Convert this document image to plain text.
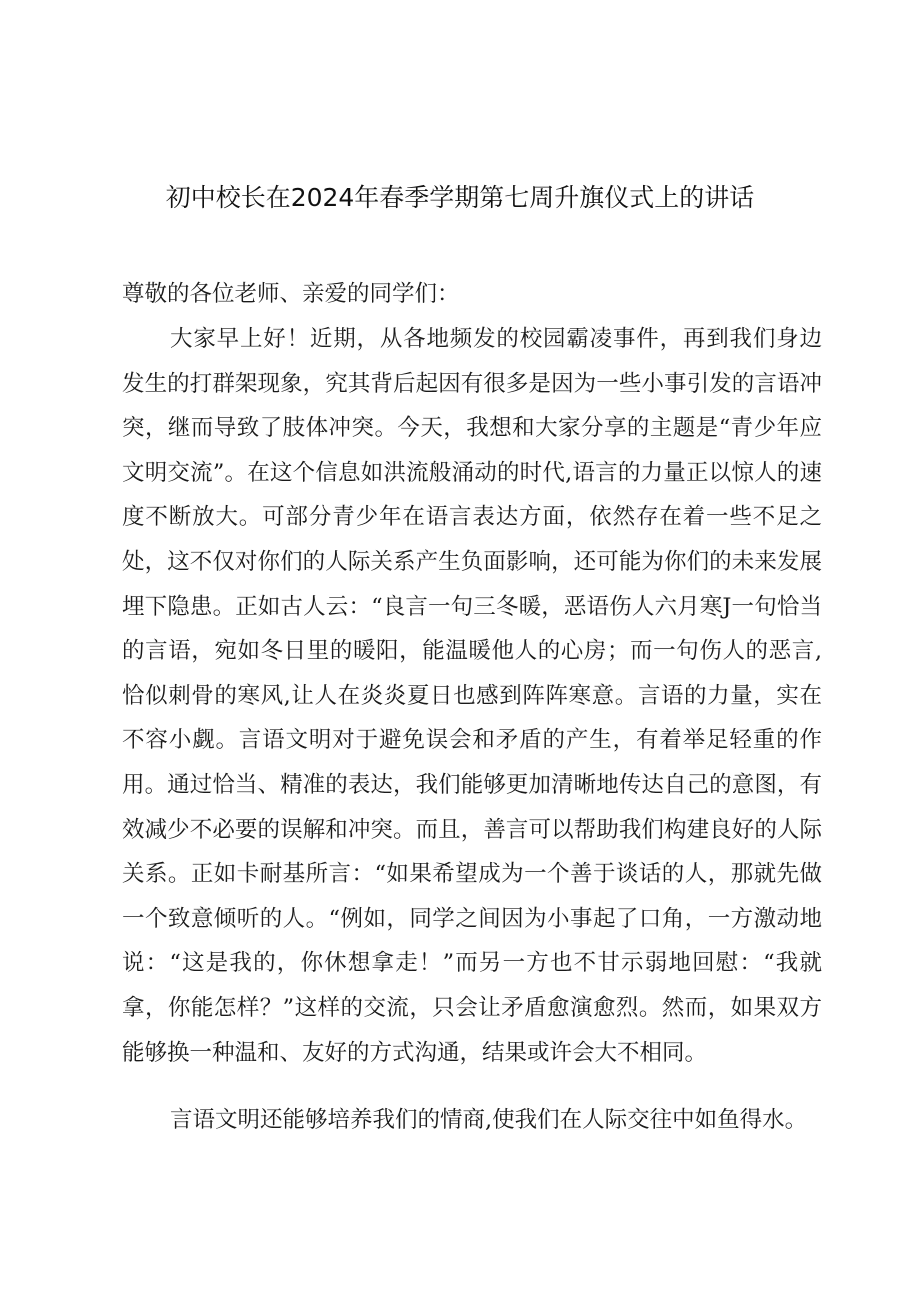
初中校长在2024年春季学期第七周升旗仪式上的讲话
尊敬的各位老师、亲爱的同学们：
大家早上好！近期，从各地频发的校园霸凌事件，再到我们身边发生的打群架现象，究其背后起因有很多是因为一些小事引发的言语冲突，继而导致了肢体冲突。今天，我想和大家分享的主题是“青少年应文明交流”。在这个信息如洪流般涌动的时代,语言的力量正以惊人的速度不断放大。可部分青少年在语言表达方面，依然存在着一些不足之处，这不仅对你们的人际关系产生负面影响，还可能为你们的未来发展埋下隐患。正如古人云：“良言一句三冬暖，恶语伤人六月寒J一句恰当的言语，宛如冬日里的暖阳，能温暖他人的心房；而一句伤人的恶言,恰似刺骨的寒风,让人在炎炎夏日也感到阵阵寒意。言语的力量，实在不容小觑。言语文明对于避免误会和矛盾的产生，有着举足轻重的作用。通过恰当、精准的表达，我们能够更加清晰地传达自己的意图，有效减少不必要的误解和冲突。而且，善言可以帮助我们构建良好的人际关系。正如卡耐基所言：“如果希望成为一个善于谈话的人，那就先做一个致意倾听的人。“例如，同学之间因为小事起了口角，一方激动地说：“这是我的，你休想拿走！”而另一方也不甘示弱地回慰：“我就拿，你能怎样？”这样的交流，只会让矛盾愈演愈烈。然而，如果双方能够换一种温和、友好的方式沟通，结果或许会大不相同。
言语文明还能够培养我们的情商,使我们在人际交往中如鱼得水。
